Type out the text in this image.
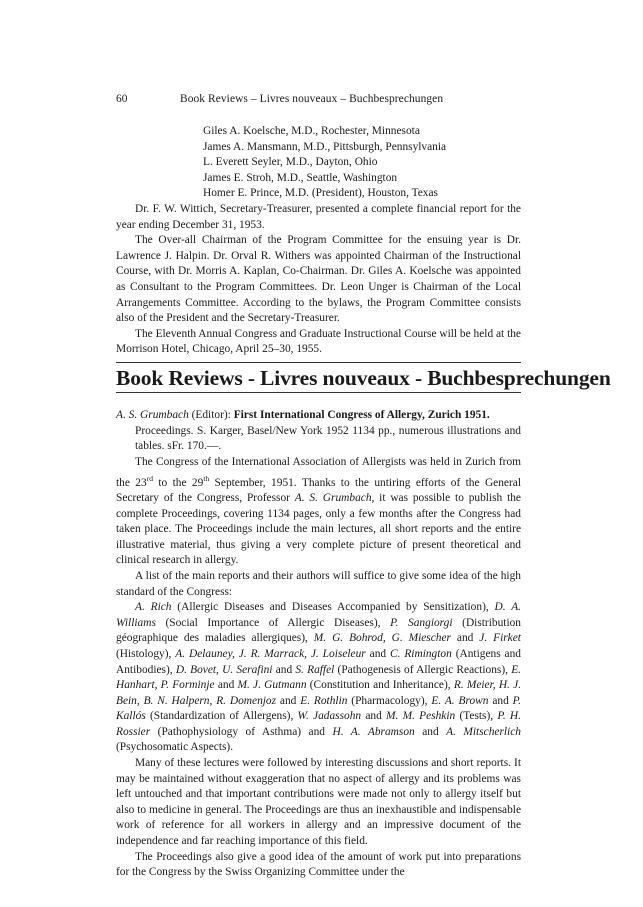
60	Book Reviews – Livres nouveaux – Buchbesprechungen
Giles A. Koelsche, M.D., Rochester, Minnesota
James A. Mansmann, M.D., Pittsburgh, Pennsylvania
L. Everett Seyler, M.D., Dayton, Ohio
James E. Stroh, M.D., Seattle, Washington
Homer E. Prince, M.D. (President), Houston, Texas

Dr. F. W. Wittich, Secretary-Treasurer, presented a complete financial report for the year ending December 31, 1953.

The Over-all Chairman of the Program Committee for the ensuing year is Dr. Lawrence J. Halpin. Dr. Orval R. Withers was appointed Chairman of the Instructional Course, with Dr. Morris A. Kaplan, Co-Chairman. Dr. Giles A. Koelsche was appointed as Consultant to the Program Committees. Dr. Leon Unger is Chairman of the Local Arrangements Committee. According to the bylaws, the Program Committee consists also of the President and the Secretary-Treasurer.

The Eleventh Annual Congress and Graduate Instructional Course will be held at the Morrison Hotel, Chicago, April 25–30, 1955.

Book Reviews - Livres nouveaux - Buchbesprechungen
A. S. Grumbach (Editor): First International Congress of Allergy, Zurich 1951.
Proceedings. S. Karger, Basel/New York 1952 1134 pp., numerous illustrations and tables. sFr. 170.—.

The Congress of the International Association of Allergists was held in Zurich from the 23rd to the 29th September, 1951. Thanks to the untiring efforts of the General Secretary of the Congress, Professor A. S. Grumbach, it was possible to publish the complete Proceedings, covering 1134 pages, only a few months after the Congress had taken place. The Proceedings include the main lectures, all short reports and the entire illustrative material, thus giving a very complete picture of present theoretical and clinical research in allergy.

A list of the main reports and their authors will suffice to give some idea of the high standard of the Congress:

A. Rich (Allergic Diseases and Diseases Accompanied by Sensitization), D. A. Williams (Social Importance of Allergic Diseases), P. Sangiorgi (Distribution géographique des maladies allergiques), M. G. Bohrod, G. Miescher and J. Firket (Histology), A. Delauney, J. R. Marrack, J. Loiseleur and C. Rimington (Antigens and Antibodies), D. Bovet, U. Serafini and S. Raffel (Pathogenesis of Allergic Reactions), E. Hanhart, P. Forminje and M. J. Gutmann (Constitution and Inheritance), R. Meier, H. J. Bein, B. N. Halpern, R. Domenjoz and E. Rothlin (Pharmacology), E. A. Brown and P. Kallós (Standardization of Allergens), W. Jadassohn and M. M. Peshkin (Tests), P. H. Rossier (Pathophysiology of Asthma) and H. A. Abramson and A. Mitscherlich (Psychosomatic Aspects).

Many of these lectures were followed by interesting discussions and short reports. It may be maintained without exaggeration that no aspect of allergy and its problems was left untouched and that important contributions were made not only to allergy itself but also to medicine in general. The Proceedings are thus an inexhaustible and indispensable work of reference for all workers in allergy and an impressive document of the independence and far reaching importance of this field.

The Proceedings also give a good idea of the amount of work put into preparations for the Congress by the Swiss Organizing Committee under the
